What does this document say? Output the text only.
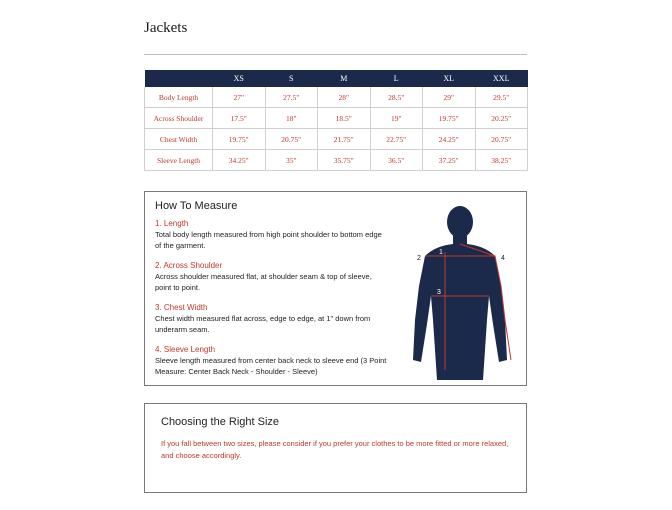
Jackets
	XS	S	M	L	XL	XXL
Body Length	27"	27.5"	28"	28.5"	29"	29.5"
Across Shoulder	17.5"	18"	18.5"	19"	19.75"	20.25"
Chest Width	19.75"	20.75"	21.75"	22.75"	24.25"	20.75"
Sleeve Length	34.25"	35"	35.75"	36.5"	37.25"	38.25"
How To Measure
1. Length
Total body length measured from high point shoulder to bottom edge of the garment.
2. Across Shoulder
Across shoulder measured flat, at shoulder seam & top of sleeve, point to point.
3. Chest Width
Chest width measured flat across, edge to edge, at 1" down from underarm seam.
4. Sleeve Length
Sleeve length measured from center back neck to sleeve end (3 Point Measure: Center Back Neck - Shoulder - Sleeve)
1
2
3
4
Choosing the Right Size
If you fall between two sizes, please consider if you prefer your clothes to be more fitted or more relaxed, and choose accordingly.
